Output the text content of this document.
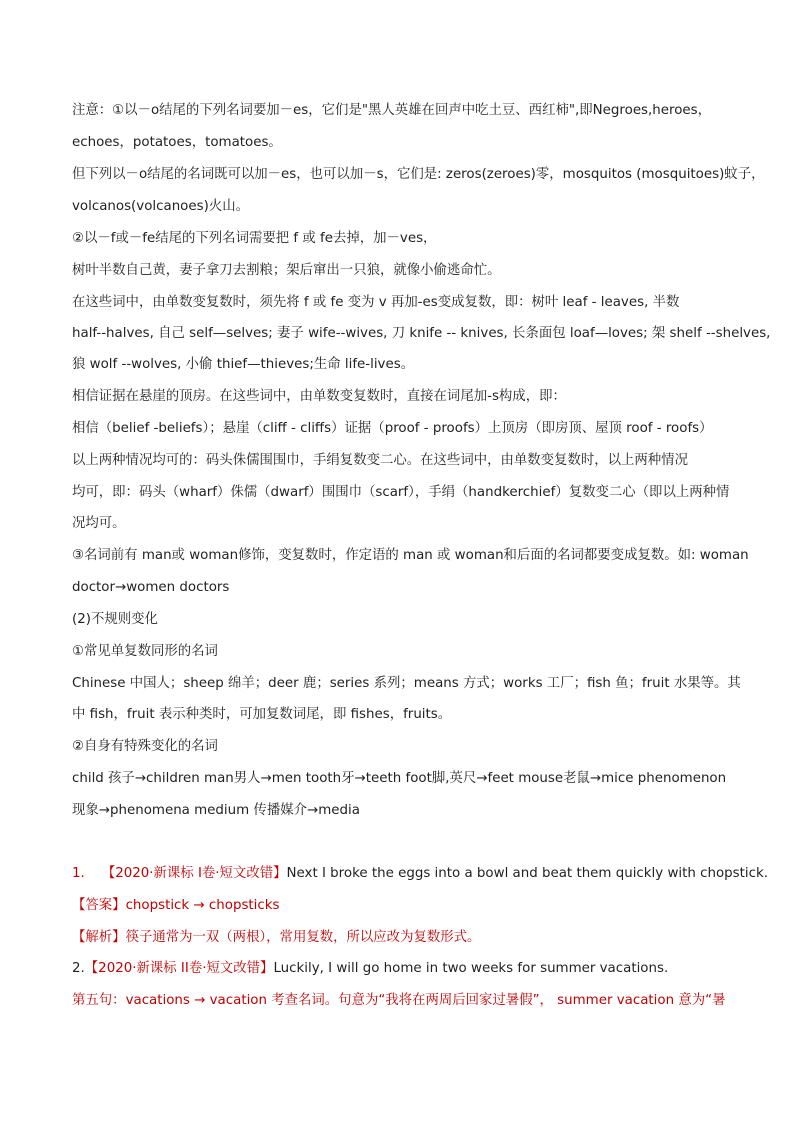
注意：①以－o结尾的下列名词要加－es，它们是"黑人英雄在回声中吃土豆、西红柿",即Negroes,heroes，
echoes，potatoes，tomatoes。
但下列以－o结尾的名词既可以加－es，也可以加－s，它们是: zeros(zeroes)零，mosquitos (mosquitoes)蚊子，
volcanos(volcanoes)火山。
②以－f或－fe结尾的下列名词需要把 f 或 fe去掉，加－ves，
树叶半数自己黄，妻子拿刀去割粮；架后窜出一只狼，就像小偷逃命忙。
在这些词中，由单数变复数时，须先将 f 或 fe 变为 v 再加-es变成复数，即：树叶 leaf - leaves, 半数
half--halves, 自己 self—selves; 妻子 wife--wives, 刀 knife -- knives, 长条面包 loaf—loves; 架 shelf --shelves,
狼 wolf --wolves, 小偷 thief—thieves;生命 life-lives。
相信证据在悬崖的顶房。在这些词中，由单数变复数时，直接在词尾加-s构成，即：
相信（belief -beliefs）；悬崖（cliff - cliffs）证据（proof - proofs）上顶房（即房顶、屋顶 roof - roofs）
以上两种情况均可的：码头侏儒围围巾，手绢复数变二心。在这些词中，由单数变复数时，以上两种情况
均可，即：码头（wharf）侏儒（dwarf）围围巾（scarf），手绢（handkerchief）复数变二心（即以上两种情
况均可。
③名词前有 man或 woman修饰，变复数时，作定语的 man 或 woman和后面的名词都要变成复数。如: woman
doctor→women doctors
(2)不规则变化
①常见单复数同形的名词
Chinese 中国人；sheep 绵羊；deer 鹿；series 系列；means 方式；works 工厂；fish 鱼；fruit 水果等。其
中 fish，fruit 表示种类时，可加复数词尾，即 fishes，fruits。
②自身有特殊变化的名词
child 孩子→children man男人→men tooth牙→teeth foot脚,英尺→feet mouse老鼠→mice phenomenon
现象→phenomena medium 传播媒介→media
1. 【2020·新课标 I卷·短文改错】Next I broke the eggs into a bowl and beat them quickly with chopstick.
【答案】chopstick → chopsticks
【解析】筷子通常为一双（两根），常用复数，所以应改为复数形式。
2.【2020·新课标 II卷·短文改错】Luckily, I will go home in two weeks for summer vacations.
第五句：vacations → vacation 考查名词。句意为“我将在两周后回家过暑假”， summer vacation 意为“暑
